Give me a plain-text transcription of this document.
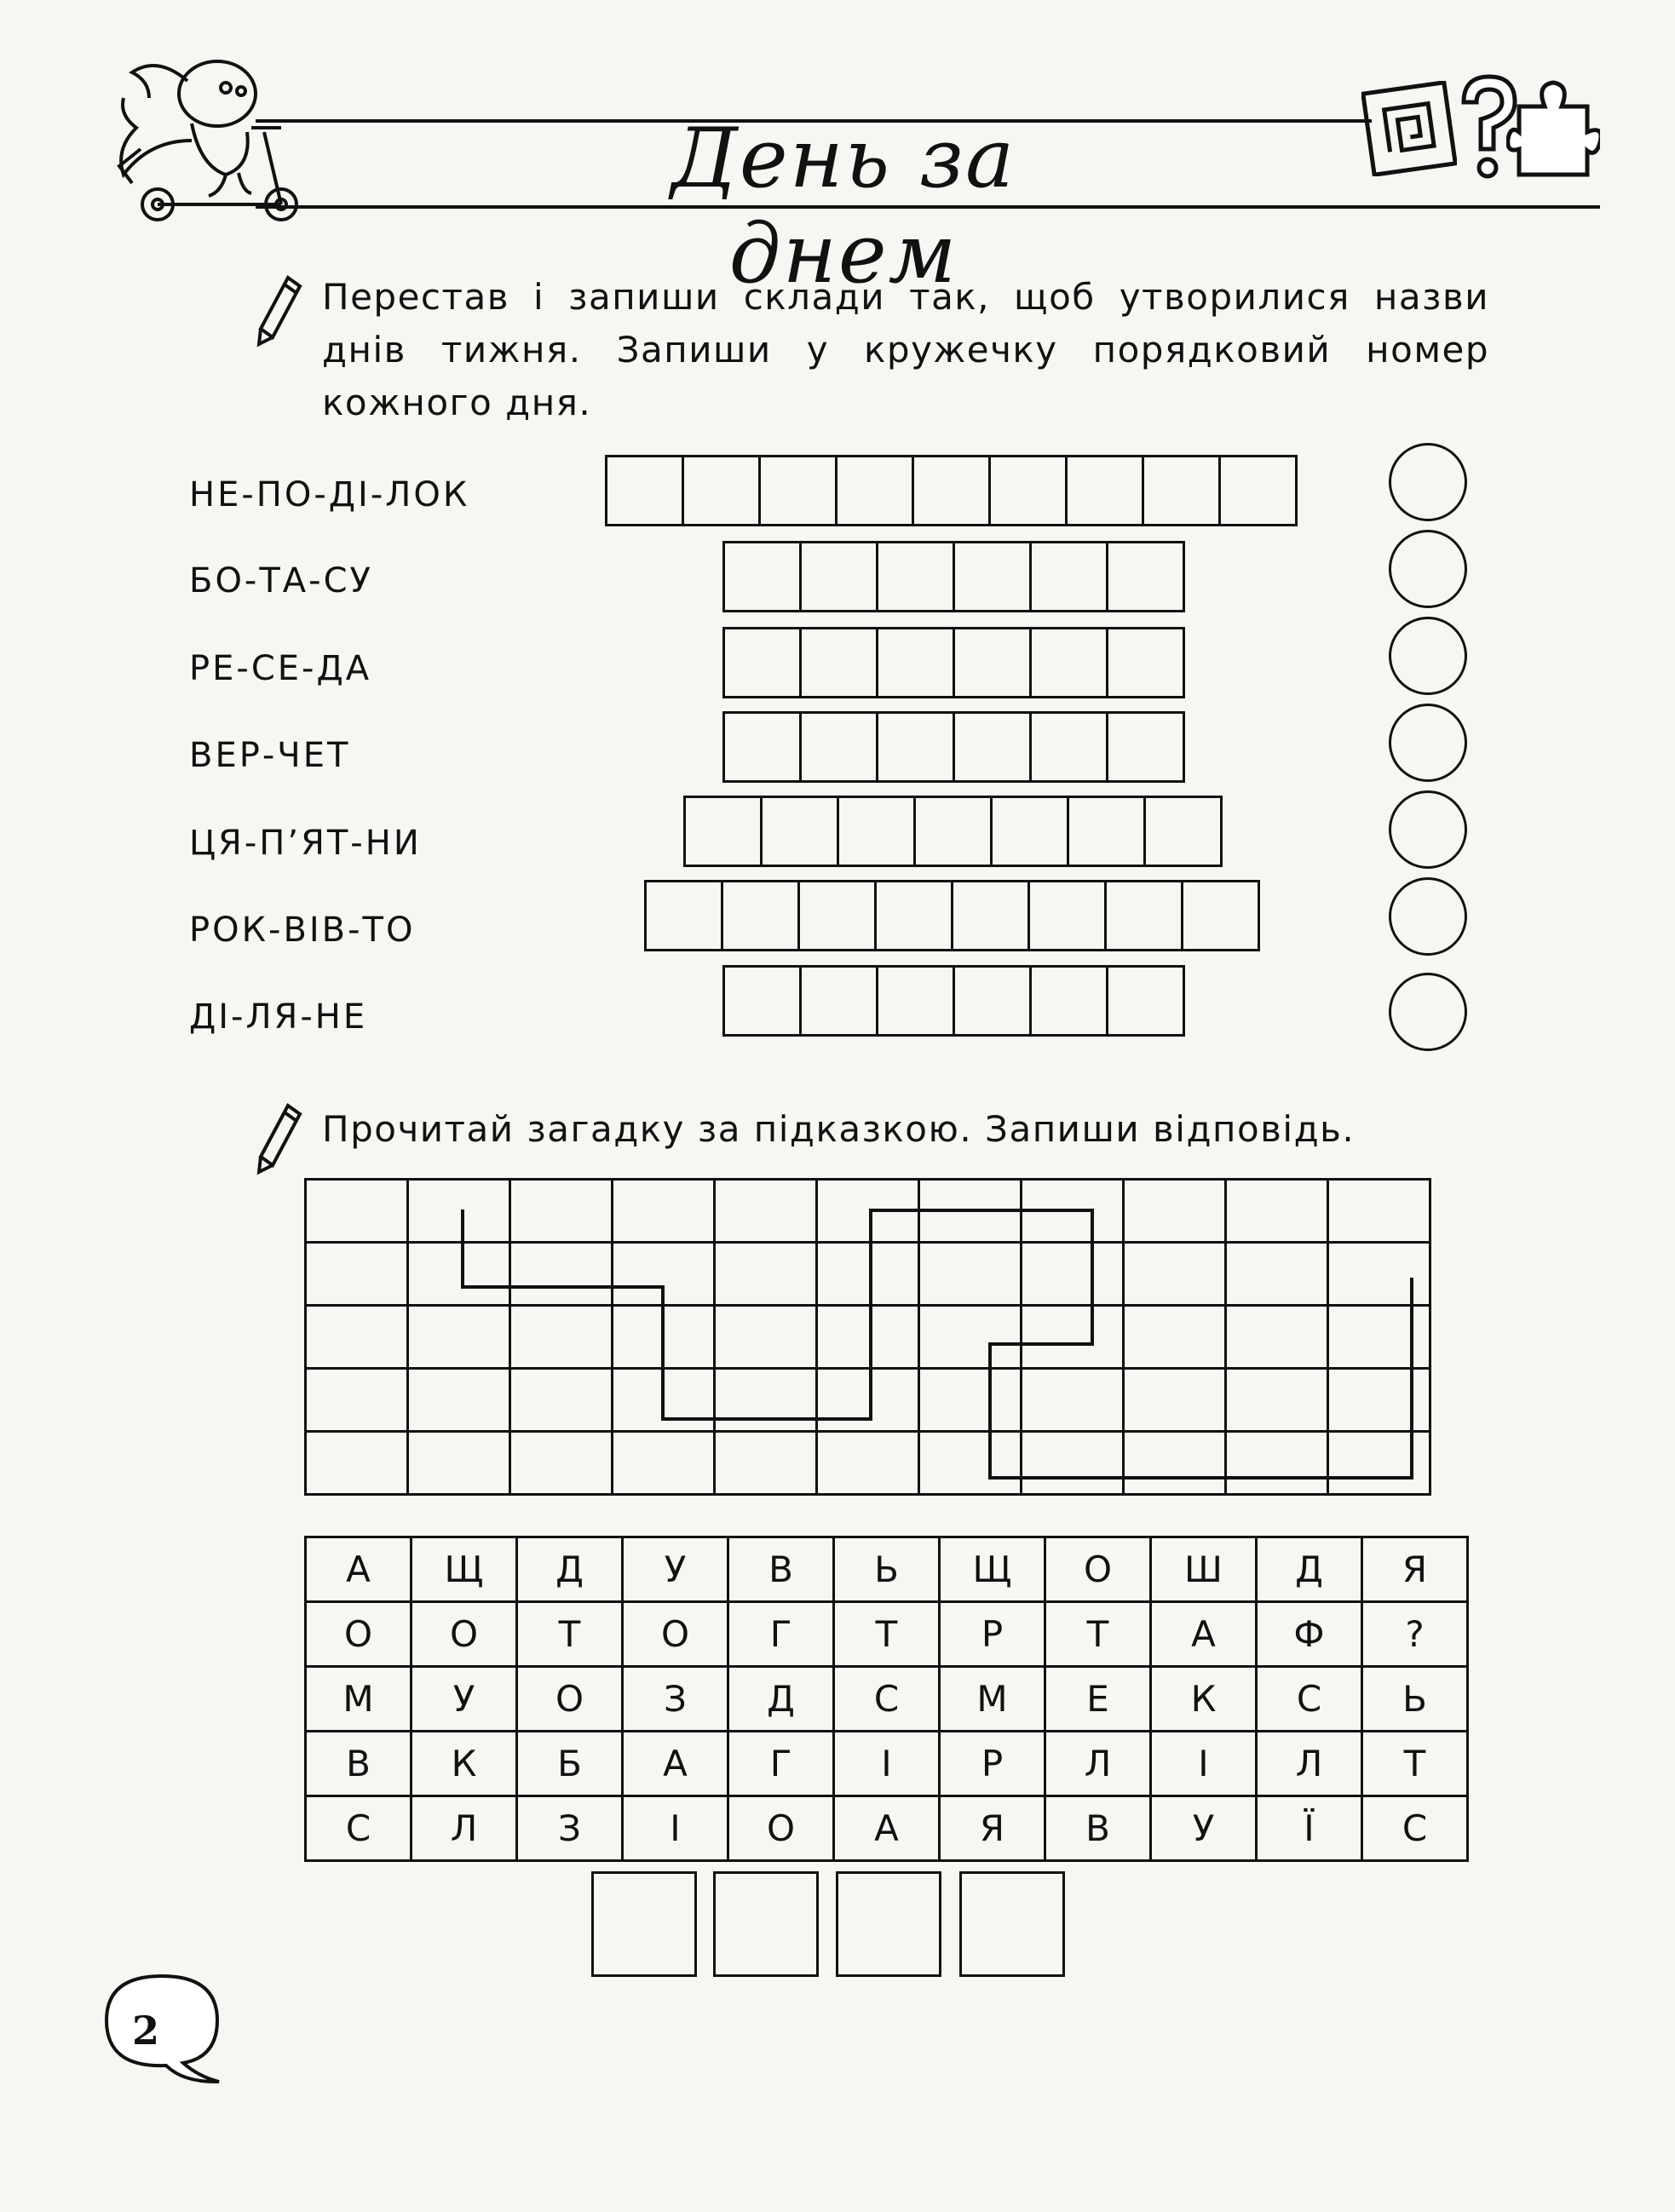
День за днем
Перестав і запиши склади так, щоб утворилися назви днів тижня. Запиши у кружечку порядковий номер кожного дня.
НЕ-ПО-ДІ-ЛОК
БО-ТА-СУ
РЕ-СЕ-ДА
ВЕР-ЧЕТ
ЦЯ-П’ЯТ-НИ
РОК-ВІВ-ТО
ДІ-ЛЯ-НЕ
Прочитай загадку за підказкою. Запиши відповідь.

А	Щ	Д	У	В	Ь	Щ	О	Ш	Д	Я
О	О	Т	О	Г	Т	Р	Т	А	Ф	?
М	У	О	З	Д	С	М	Е	К	С	Ь
В	К	Б	А	Г	І	Р	Л	І	Л	Т
С	Л	З	І	О	А	Я	В	У	Ї	С
2
